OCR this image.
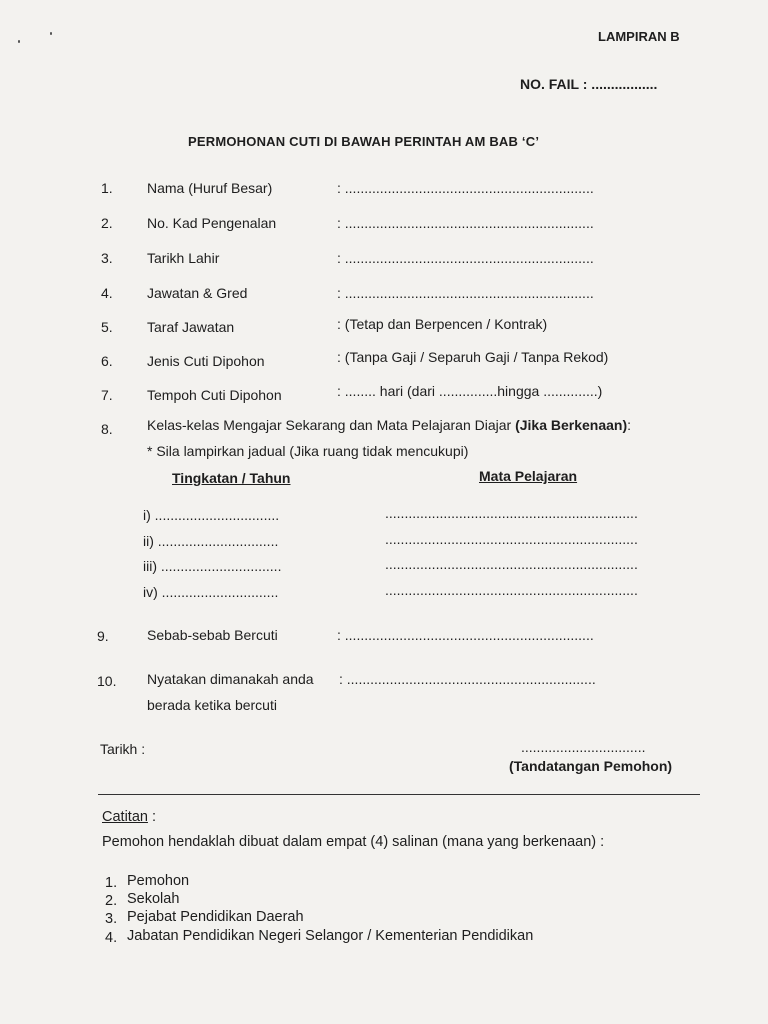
LAMPIRAN B
NO. FAIL : .................
PERMOHONAN CUTI DI BAWAH PERINTAH AM BAB ‘C’
1. Nama (Huruf Besar)	: ................................................................
2. No. Kad Pengenalan	: ................................................................
3. Tarikh Lahir	: ................................................................
4. Jawatan & Gred	: ................................................................
5. Taraf Jawatan	: (Tetap dan Berpencen / Kontrak)
6. Jenis Cuti Dipohon	: (Tanpa Gaji / Separuh Gaji / Tanpa Rekod)
7. Tempoh Cuti Dipohon	: ........ hari (dari ...............hingga ..............)
8. Kelas-kelas Mengajar Sekarang dan Mata Pelajaran Diajar (Jika Berkenaan):
* Sila lampirkan jadual (Jika ruang tidak mencukupi)
Tingkatan / Tahun	Mata Pelajaran
i) ................................	.................................................................
ii) ...............................	.................................................................
iii) ...............................	.................................................................
iv) ..............................	.................................................................
9.	Sebab-sebab Bercuti	: ................................................................
10. Nyatakan dimanakah anda : ................................................................
berada ketika bercuti
Tarikh :	................................
(Tandatangan Pemohon)
Catitan :
Pemohon hendaklah dibuat dalam empat (4) salinan (mana yang berkenaan) :
1. Pemohon
2. Sekolah
3. Pejabat Pendidikan Daerah
4. Jabatan Pendidikan Negeri Selangor / Kementerian Pendidikan
